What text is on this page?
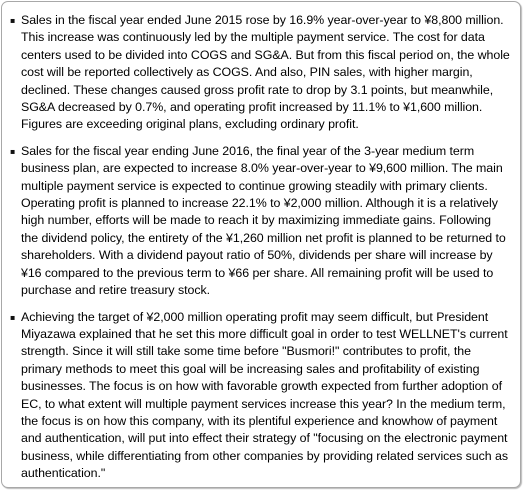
▪ Sales in the fiscal year ended June 2015 rose by 16.9% year-over-year to ¥8,800 million. This increase was continuously led by the multiple payment service. The cost for data centers used to be divided into COGS and SG&A. But from this fiscal period on, the whole cost will be reported collectively as COGS. And also, PIN sales, with higher margin, declined. These changes caused gross profit rate to drop by 3.1 points, but meanwhile, SG&A decreased by 0.7%, and operating profit increased by 11.1% to ¥1,600 million. Figures are exceeding original plans, excluding ordinary profit.
▪ Sales for the fiscal year ending June 2016, the final year of the 3-year medium term business plan, are expected to increase 8.0% year-over-year to ¥9,600 million. The main multiple payment service is expected to continue growing steadily with primary clients. Operating profit is planned to increase 22.1% to ¥2,000 million. Although it is a relatively high number, efforts will be made to reach it by maximizing immediate gains. Following the dividend policy, the entirety of the ¥1,260 million net profit is planned to be returned to shareholders. With a dividend payout ratio of 50%, dividends per share will increase by ¥16 compared to the previous term to ¥66 per share. All remaining profit will be used to purchase and retire treasury stock.
▪ Achieving the target of ¥2,000 million operating profit may seem difficult, but President Miyazawa explained that he set this more difficult goal in order to test WELLNET's current strength. Since it will still take some time before "Busmori!" contributes to profit, the primary methods to meet this goal will be increasing sales and profitability of existing businesses. The focus is on how with favorable growth expected from further adoption of EC, to what extent will multiple payment services increase this year? In the medium term, the focus is on how this company, with its plentiful experience and knowhow of payment and authentication, will put into effect their strategy of "focusing on the electronic payment business, while differentiating from other companies by providing related services such as authentication."
